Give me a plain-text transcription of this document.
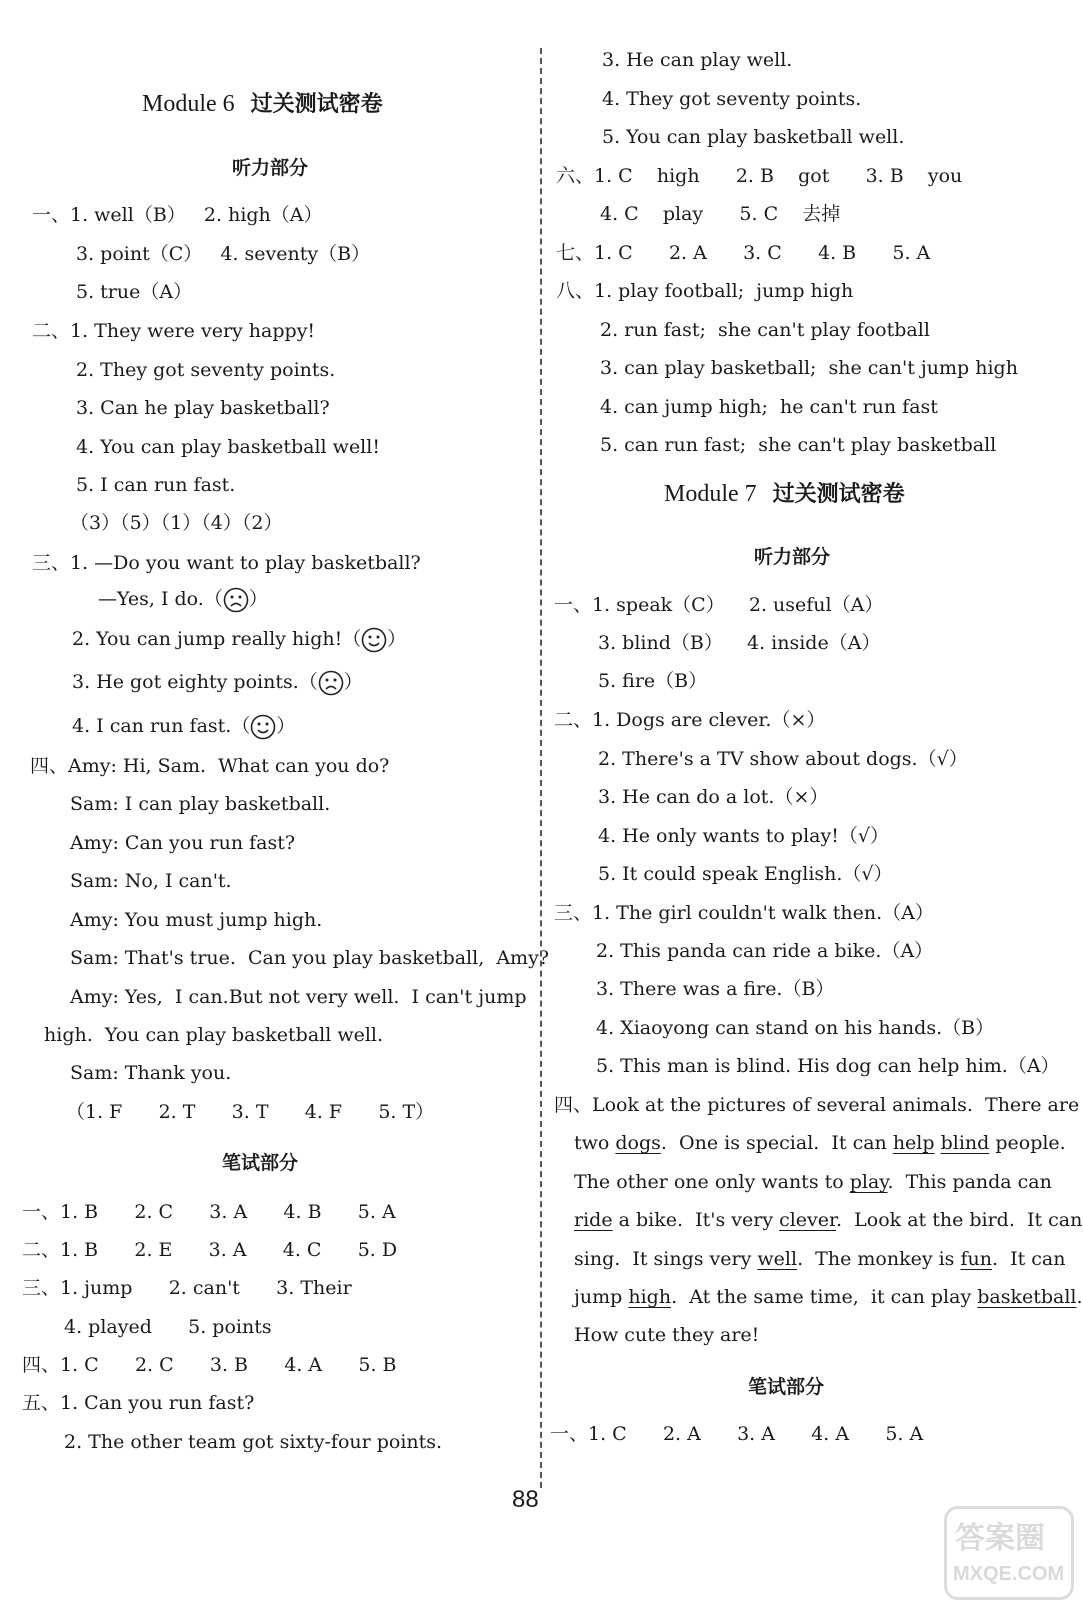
Module 6 过关测试密卷
听力部分
一、1. well（B）   2. high（A）
3. point（C）   4. seventy（B）
5. true（A）
二、1. They were very happy!
2. They got seventy points.
3. Can he play basketball?
4. You can play basketball well!
5. I can run fast.
（3）（5）（1）（4）（2）
三、1. —Do you want to play basketball?
—Yes, I do.（ ）
2. You can jump really high!（ ）
3. He got eighty points.（ ）
4. I can run fast.（ ）
四、Amy: Hi, Sam.  What can you do?
Sam: I can play basketball.
Amy: Can you run fast?
Sam: No, I can't.
Amy: You must jump high.
Sam: That's true.  Can you play basketball,  Amy?
Amy: Yes,  I can.But not very well.  I can't jump
high.  You can play basketball well.
Sam: Thank you.
（1. F      2. T      3. T      4. F      5. T）
笔试部分
一、1. B      2. C      3. A      4. B      5. A
二、1. B      2. E      3. A      4. C      5. D
三、1. jump      2. can't      3. Their
4. played      5. points
四、1. C      2. C      3. B      4. A      5. B
五、1. Can you run fast?
2. The other team got sixty-four points.
3. He can play well.
4. They got seventy points.
5. You can play basketball well.
六、1. C    high      2. B    got      3. B    you
4. C    play      5. C    去掉
七、1. C      2. A      3. C      4. B      5. A
八、1. play football;  jump high
2. run fast;  she can't play football
3. can play basketball;  she can't jump high
4. can jump high;  he can't run fast
5. can run fast;  she can't play basketball
Module 7 过关测试密卷
听力部分
一、1. speak（C）    2. useful（A）
3. blind（B）    4. inside（A）
5. fire（B）
二、1. Dogs are clever.（×）
2. There's a TV show about dogs.（√）
3. He can do a lot.（×）
4. He only wants to play!（√）
5. It could speak English.（√）
三、1. The girl couldn't walk then.（A）
2. This panda can ride a bike.（A）
3. There was a fire.（B）
4. Xiaoyong can stand on his hands.（B）
5. This man is blind. His dog can help him.（A）
四、Look at the pictures of several animals.  There are
two dogs.  One is special.  It can help blind people.
The other one only wants to play.  This panda can
ride a bike.  It's very clever.  Look at the bird.  It can
sing.  It sings very well.  The monkey is fun.  It can
jump high.  At the same time,  it can play basketball.
How cute they are!
笔试部分
一、1. C      2. A      3. A      4. A      5. A
88
答案圈
MXQE.COM
